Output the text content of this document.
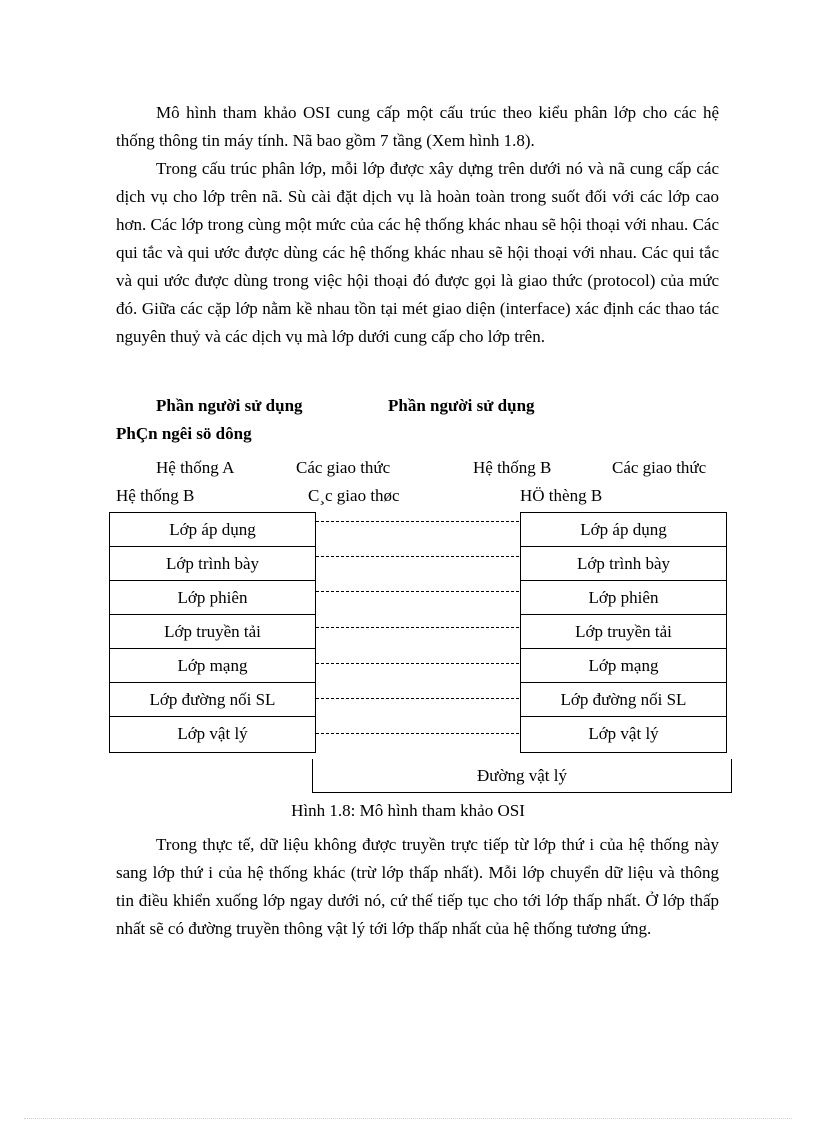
Mô hình tham khảo OSI cung cấp một cấu trúc theo kiểu phân lớp cho các hệ thống thông tin máy tính. Nã bao gồm 7 tầng (Xem hình 1.8).

Trong cấu trúc phân lớp, mỗi lớp được xây dựng trên dưới nó và nã cung cấp các dịch vụ cho lớp trên nã. Sù cài đặt dịch vụ là hoàn toàn trong suốt đối với các lớp cao hơn. Các lớp trong cùng một mức của các hệ thống khác nhau sẽ hội thoại với nhau. Các qui tắc và qui ước được dùng các hệ thống khác nhau sẽ hội thoại với nhau. Các qui tắc và qui ước được dùng trong việc hội thoại đó được gọi là giao thức (protocol) của mức đó. Giữa các cặp lớp nằm kề nhau tồn tại mét giao diện (interface) xác định các thao tác nguyên thuỷ và các dịch vụ mà lớp dưới cung cấp cho lớp trên.

Phần người sử dụng	Phần người sử dụng
PhÇn ngêi sö dông
Hệ thống A	Các giao thức	Hệ thống B	Các giao thức
Hệ thống B	C¸c giao thøc	HÖ thèng B
Lớp áp dụng
Lớp trình bày
Lớp phiên
Lớp truyền tải
Lớp mạng
Lớp đường nối SL
Lớp vật lý
Lớp áp dụng
Lớp trình bày
Lớp phiên
Lớp truyền tải
Lớp mạng
Lớp đường nối SL
Lớp vật lý
Đường vật lý
Hình 1.8: Mô hình tham khảo OSI

Trong thực tế, dữ liệu không được truyền trực tiếp từ lớp thứ i của hệ thống này sang lớp thứ i của hệ thống khác (trừ lớp thấp nhất). Mỗi lớp chuyển dữ liệu và thông tin điều khiển xuống lớp ngay dưới nó, cứ thế tiếp tục cho tới lớp thấp nhất. Ở lớp thấp nhất sẽ có đường truyền thông vật lý tới lớp thấp nhất của hệ thống tương ứng.
